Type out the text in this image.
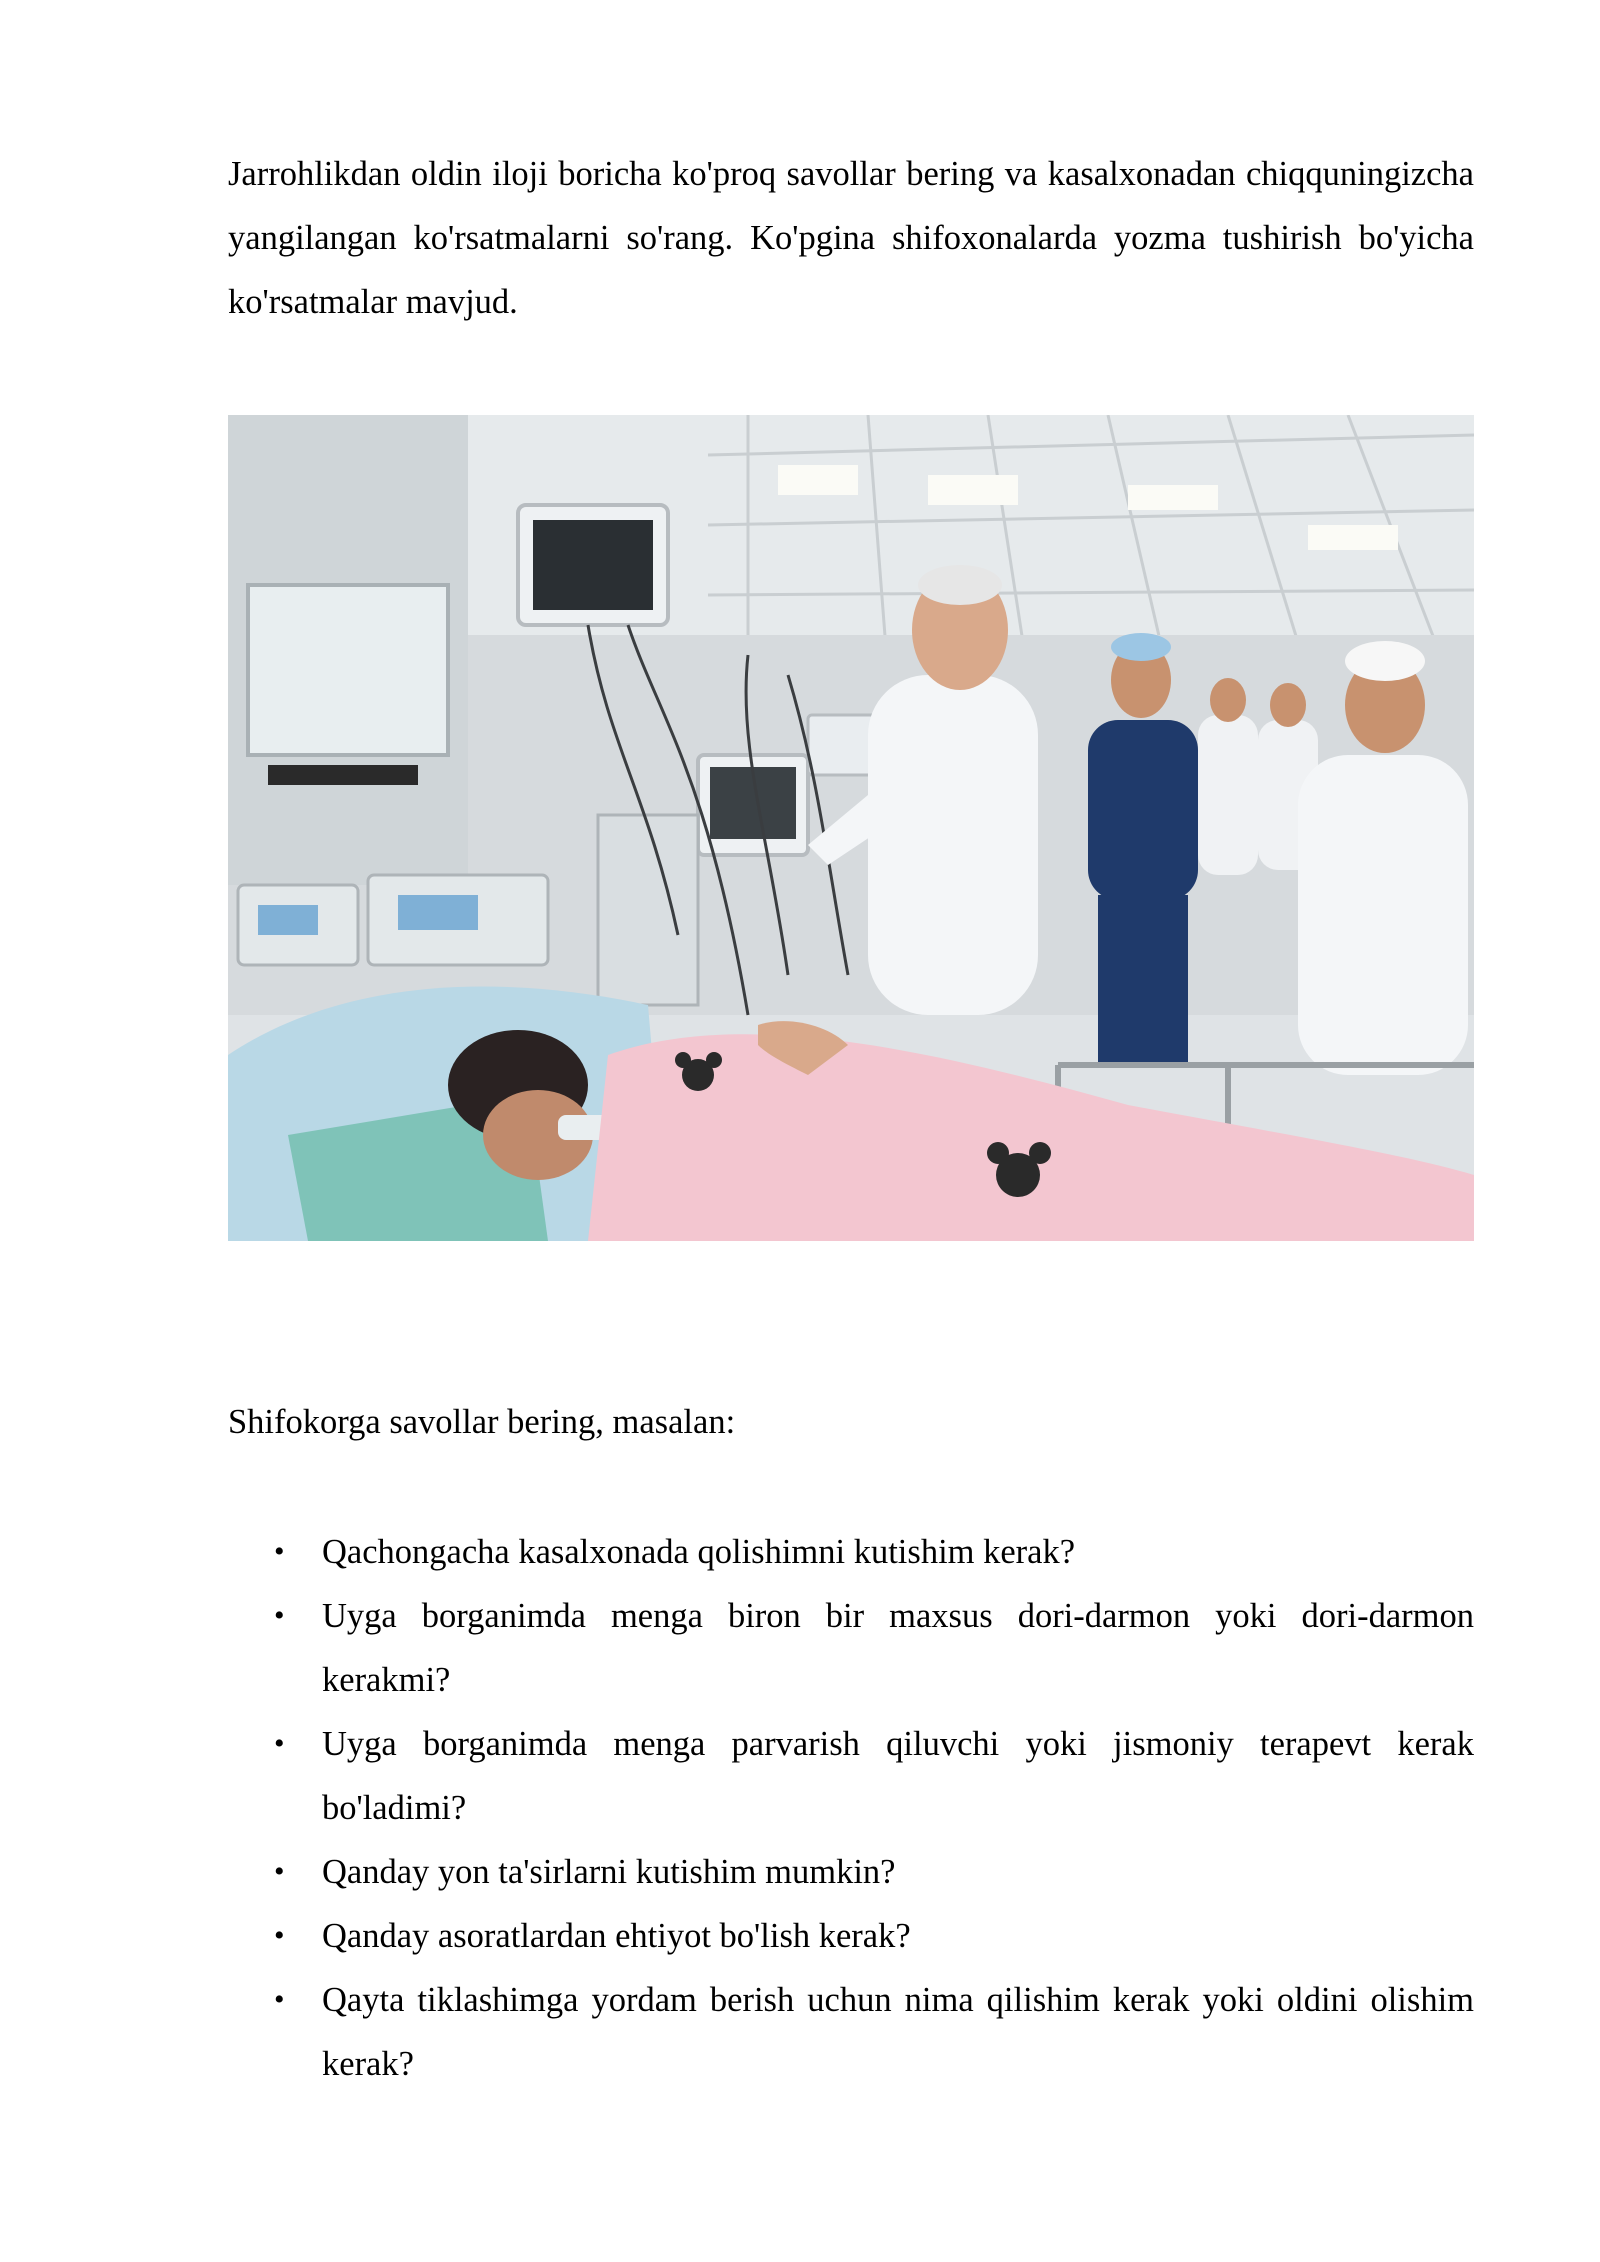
Jarrohlikdan oldin iloji boricha ko'proq savollar bering va kasalxonadan chiqquningizcha yangilangan ko'rsatmalarni so'rang. Ko'pgina shifoxonalarda yozma tushirish bo'yicha ko'rsatmalar mavjud.

Shifokorga savollar bering, masalan:

• Qachongacha kasalxonada qolishimni kutishim kerak?
• Uyga borganimda menga biron bir maxsus dori-darmon yoki dori-darmon kerakmi?
• Uyga borganimda menga parvarish qiluvchi yoki jismoniy terapevt kerak bo'ladimi?
• Qanday yon ta'sirlarni kutishim mumkin?
• Qanday asoratlardan ehtiyot bo'lish kerak?
• Qayta tiklashimga yordam berish uchun nima qilishim kerak yoki oldini olishim kerak?
